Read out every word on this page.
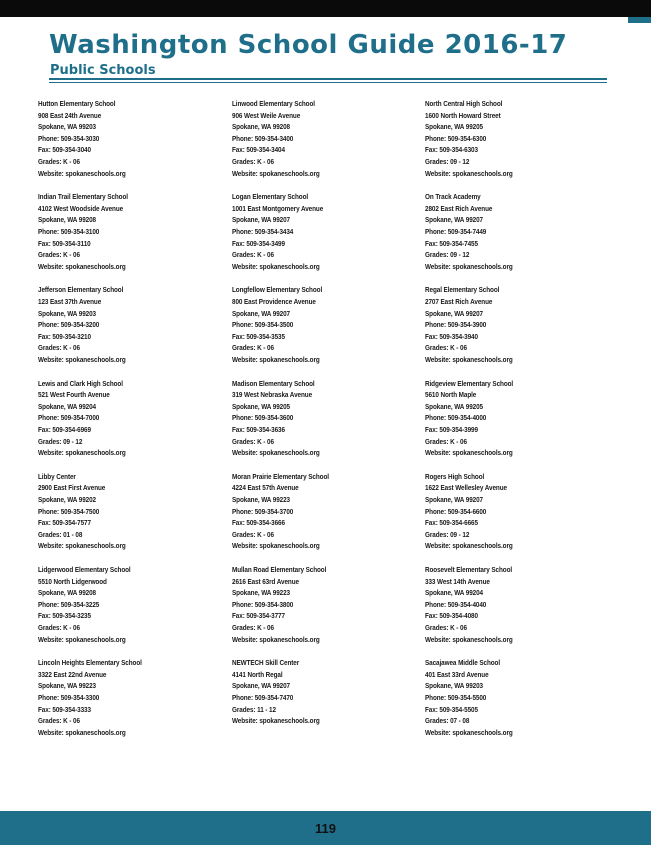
Washington School Guide 2016-17
Public Schools
Hutton Elementary School
908 East 24th Avenue
Spokane, WA 99203
Phone: 509-354-3030
Fax: 509-354-3040
Grades: K - 06
Website: spokaneschools.org
Indian Trail Elementary School
4102 West Woodside Avenue
Spokane, WA 99208
Phone: 509-354-3100
Fax: 509-354-3110
Grades: K - 06
Website: spokaneschools.org
Jefferson Elementary School
123 East 37th Avenue
Spokane, WA 99203
Phone: 509-354-3200
Fax: 509-354-3210
Grades: K - 06
Website: spokaneschools.org
Lewis and Clark High School
521 West Fourth Avenue
Spokane, WA 99204
Phone: 509-354-7000
Fax: 509-354-6969
Grades: 09 - 12
Website: spokaneschools.org
Libby Center
2900 East First Avenue
Spokane, WA 99202
Phone: 509-354-7500
Fax: 509-354-7577
Grades: 01 - 08
Website: spokaneschools.org
Lidgerwood Elementary School
5510 North Lidgerwood
Spokane, WA 99208
Phone: 509-354-3225
Fax: 509-354-3235
Grades: K - 06
Website: spokaneschools.org
Lincoln Heights Elementary School
3322 East 22nd Avenue
Spokane, WA 99223
Phone: 509-354-3300
Fax: 509-354-3333
Grades: K - 06
Website: spokaneschools.org
Linwood Elementary School
906 West Weile Avenue
Spokane, WA 99208
Phone: 509-354-3400
Fax: 509-354-3404
Grades: K - 06
Website: spokaneschools.org
Logan Elementary School
1001 East Montgomery Avenue
Spokane, WA 99207
Phone: 509-354-3434
Fax: 509-354-3499
Grades: K - 06
Website: spokaneschools.org
Longfellow Elementary School
800 East Providence Avenue
Spokane, WA 99207
Phone: 509-354-3500
Fax: 509-354-3535
Grades: K - 06
Website: spokaneschools.org
Madison Elementary School
319 West Nebraska Avenue
Spokane, WA 99205
Phone: 509-354-3600
Fax: 509-354-3636
Grades: K - 06
Website: spokaneschools.org
Moran Prairie Elementary School
4224 East 57th Avenue
Spokane, WA 99223
Phone: 509-354-3700
Fax: 509-354-3666
Grades: K - 06
Website: spokaneschools.org
Mullan Road Elementary School
2616 East 63rd Avenue
Spokane, WA 99223
Phone: 509-354-3800
Fax: 509-354-3777
Grades: K - 06
Website: spokaneschools.org
NEWTECH Skill Center
4141 North Regal
Spokane, WA 99207
Phone: 509-354-7470
Grades: 11 - 12
Website: spokaneschools.org
North Central High School
1600 North Howard Street
Spokane, WA 99205
Phone: 509-354-6300
Fax: 509-354-6303
Grades: 09 - 12
Website: spokaneschools.org
On Track Academy
2802 East Rich Avenue
Spokane, WA 99207
Phone: 509-354-7449
Fax: 509-354-7455
Grades: 09 - 12
Website: spokaneschools.org
Regal Elementary School
2707 East Rich Avenue
Spokane, WA 99207
Phone: 509-354-3900
Fax: 509-354-3940
Grades: K - 06
Website: spokaneschools.org
Ridgeview Elementary School
5610 North Maple
Spokane, WA 99205
Phone: 509-354-4000
Fax: 509-354-3999
Grades: K - 06
Website: spokaneschools.org
Rogers High School
1622 East Wellesley Avenue
Spokane, WA 99207
Phone: 509-354-6600
Fax: 509-354-6665
Grades: 09 - 12
Website: spokaneschools.org
Roosevelt Elementary School
333 West 14th Avenue
Spokane, WA 99204
Phone: 509-354-4040
Fax: 509-354-4080
Grades: K - 06
Website: spokaneschools.org
Sacajawea Middle School
401 East 33rd Avenue
Spokane, WA 99203
Phone: 509-354-5500
Fax: 509-354-5505
Grades: 07 - 08
Website: spokaneschools.org
119
